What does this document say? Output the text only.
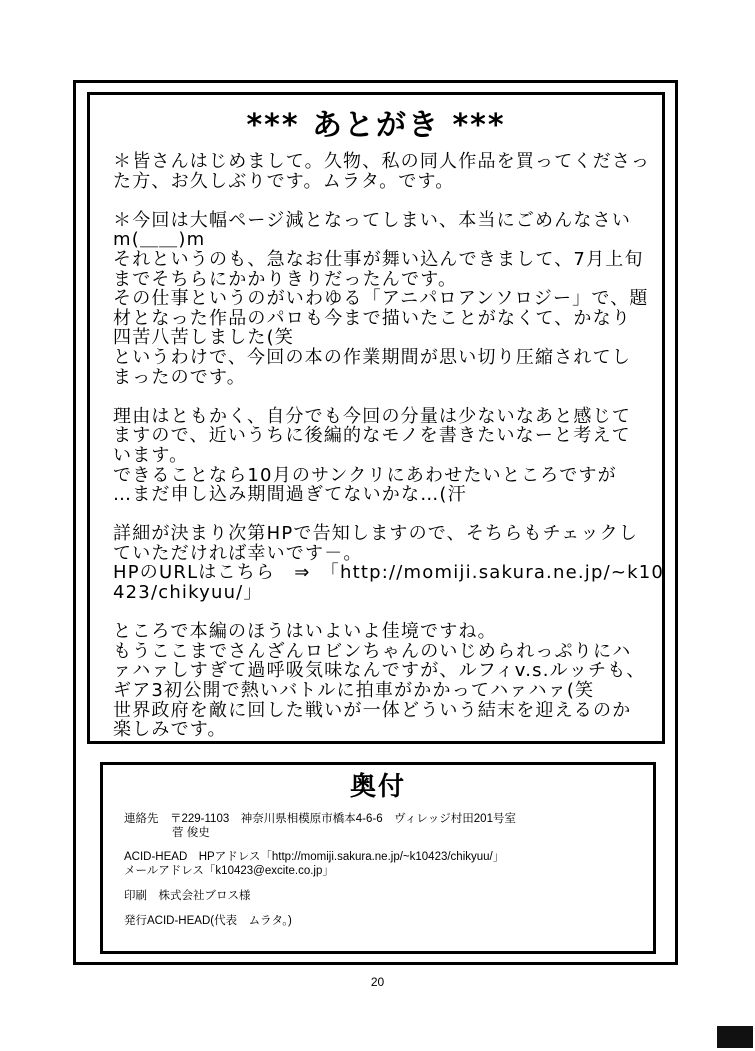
*** あとがき ***
＊皆さんはじめまして。久物、私の同人作品を買ってくださっ
た方、お久しぶりです。ムラタ。です。
＊今回は大幅ページ減となってしまい、本当にごめんなさい
m(＿＿)m
それというのも、急なお仕事が舞い込んできまして、7月上旬
までそちらにかかりきりだったんです。
その仕事というのがいわゆる「アニパロアンソロジー」で、題
材となった作品のパロも今まで描いたことがなくて、かなり
四苦八苦しました(笑
というわけで、今回の本の作業期間が思い切り圧縮されてし
まったのです。
理由はともかく、自分でも今回の分量は少ないなあと感じて
ますので、近いうちに後編的なモノを書きたいなーと考えて
います。
できることなら10月のサンクリにあわせたいところですが
…まだ申し込み期間過ぎてないかな…(汗
詳細が決まり次第HPで告知しますので、そちらもチェックし
ていただければ幸いです－。
HPのURLはこちら　⇒　「http://momiji.sakura.ne.jp/~k10
423/chikyuu/」
ところで本編のほうはいよいよ佳境ですね。
もうここまでさんざんロビンちゃんのいじめられっぷりにハ
ァハァしすぎて過呼吸気味なんですが、ルフィv.s.ルッチも、
ギア3初公開で熱いバトルに拍車がかかってハァハァ(笑
世界政府を敵に回した戦いが一体どういう結末を迎えるのか
楽しみです。
奥付
連絡先　〒229-1103　神奈川県相模原市橋本4-6-6　ヴィレッジ村田201号室
菅 俊史
ACID-HEAD　HPアドレス「http://momiji.sakura.ne.jp/~k10423/chikyuu/」
メールアドレス「k10423@excite.co.jp」
印刷　株式会社ブロス様
発行ACID-HEAD(代表　ムラタ。)
20
